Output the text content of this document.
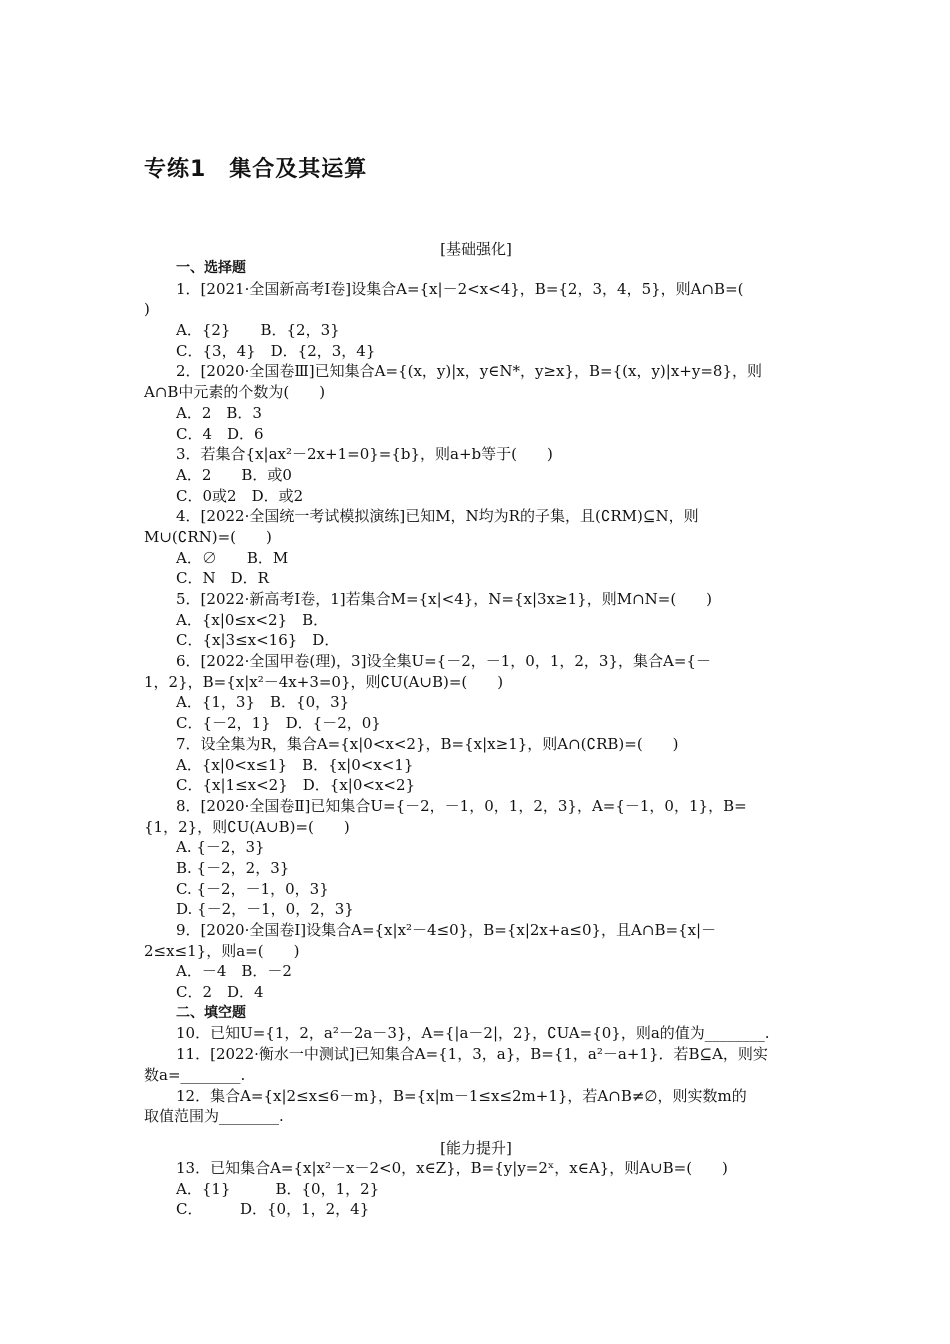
专练1　集合及其运算
[基础强化]
一、选择题
1．[2021·全国新高考Ⅰ卷]设集合A={x|－2<x<4}，B={2，3，4，5}，则A∩B=(
)
A．{2}　　B．{2，3}
C．{3，4}　D．{2，3，4}
2．[2020·全国卷Ⅲ]已知集合A={(x，y)|x，y∈N*，y≥x}，B={(x，y)|x+y=8}，则
A∩B中元素的个数为(　　)
A．2　B．3
C．4　D．6
3．若集合{x|ax²－2x+1=0}={b}，则a+b等于(　　)
A．2　　B．或0
C．0或2　D．或2
4．[2022·全国统一考试模拟演练]已知M，N均为R的子集，且(∁RM)⊆N，则
M∪(∁RN)=(　　)
A．∅　　B．M
C．N　D．R
5．[2022·新高考Ⅰ卷，1]若集合M={x|<4}，N={x|3x≥1}，则M∩N=(　　)
A．{x|0≤x<2}　B．
C．{x|3≤x<16}　D．
6．[2022·全国甲卷(理)，3]设全集U={－2，－1，0，1，2，3}，集合A={－
1，2}，B={x|x²－4x+3=0}，则∁U(A∪B)=(　　)
A．{1，3}　B．{0，3}
C．{－2，1}　D．{－2，0}
7．设全集为R，集合A={x|0<x<2}，B={x|x≥1}，则A∩(∁RB)=(　　)
A．{x|0<x≤1}　B．{x|0<x<1}
C．{x|1≤x<2}　D．{x|0<x<2}
8．[2020·全国卷Ⅱ]已知集合U={－2，－1，0，1，2，3}，A={－1，0，1}，B=
{1，2}，则∁U(A∪B)=(　　)
A. {－2，3}
B. {－2，2，3}
C. {－2，－1，0，3}
D. {－2，－1，0，2，3}
9．[2020·全国卷Ⅰ]设集合A={x|x²－4≤0}，B={x|2x+a≤0}，且A∩B={x|－
2≤x≤1}，则a=(　　)
A．－4　B．－2
C．2　D．4
二、填空题
10．已知U={1，2，a²－2a－3}，A={|a－2|，2}，∁UA={0}，则a的值为________.
11．[2022·衡水一中测试]已知集合A={1，3，a}，B={1，a²－a+1}．若B⊆A，则实
数a=________.
12．集合A={x|2≤x≤6－m}，B={x|m－1≤x≤2m+1}，若A∩B≠∅，则实数m的
取值范围为________.
[能力提升]
13．已知集合A={x|x²－x－2<0，x∈Z}，B={y|y=2ˣ，x∈A}，则A∪B=(　　)
A．{1}　　　B．{0，1，2}
C．　　　D．{0，1，2，4}
